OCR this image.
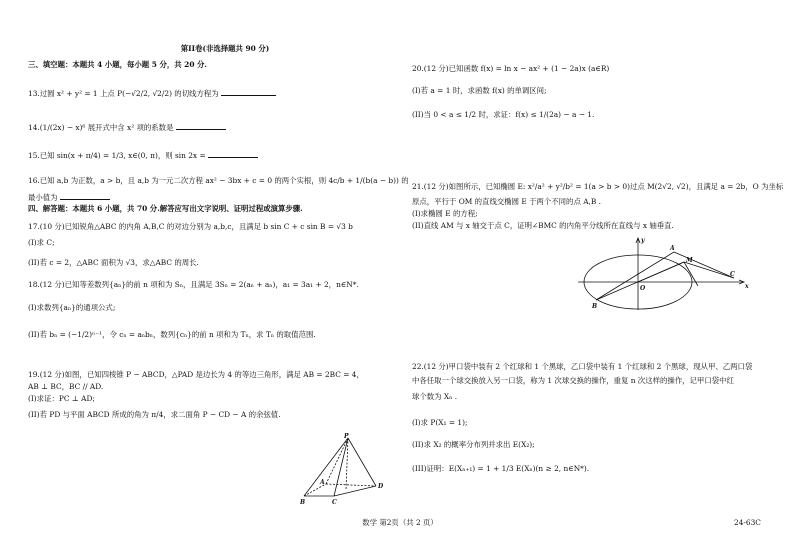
第II卷(非选择题共 90 分)
三、填空题：本题共 4 小题，每小题 5 分，共 20 分.
13.过圆 x² + y² = 1 上点 P(−√2/2, √2/2) 的切线方程为
14.(1/(2x) − x)⁶ 展开式中含 x² 项的系数是
15.已知 sin(x + π/4) = 1/3, x∈(0, π)，则 sin 2x =
16.已知 a,b 为正数，a > b，且 a,b 为一元二次方程 ax² − 3bx + c = 0 的两个实根，则 4c/b + 1/(b(a − b)) 的
最小值为
四、解答题：本题共 6 小题，共 70 分.解答应写出文字说明、证明过程或演算步骤.
17.(10 分)已知锐角△ABC 的内角 A,B,C 的对边分别为 a,b,c，且满足 b sin C + c sin B = √3 b
(I)求 C;
(II)若 c = 2，△ABC 面积为 √3，求△ABC 的周长.
18.(12 分)已知等差数列{aₙ}的前 n 项和为 Sₙ，且满足 3Sₙ = 2(aₙ + aₙ)，a₁ = 3a₁ + 2，n∈N*.
(I)求数列{aₙ}的通项公式;
(II)若 bₙ = (−1/2)ⁿ⁻¹，令 cₙ = aₙbₙ，数列{cₙ}的前 n 项和为 Tₙ，求 Tₙ 的取值范围.
19.(12 分)如图，已知四棱锥 P − ABCD，△PAD 是边长为 4 的等边三角形，满足 AB = 2BC = 4，
AB ⊥ BC，BC // AD.
(I)求证：PC ⊥ AD;
(II)若 PD 与平面 ABCD 所成的角为 π/4，求二面角 P − CD − A 的余弦值.
P
A
D
B	C
20.(12 分)已知函数 f(x) = ln x − ax² + (1 − 2a)x (a∈R)
(I)若 a = 1 时，求函数 f(x) 的单调区间;
(II)当 0 < a ≤ 1/2 时，求证：f(x) ≤ 1/(2a) − a − 1.
21.(12 分)如图所示，已知椭圆 E: x²/a² + y²/b² = 1(a > b > 0)过点 M(2√2, √2)，且满足 a = 2b，O 为坐标
原点，平行于 OM 的直线交椭圆 E 于两个不同的点 A,B .
(I)求椭圆 E 的方程;
(II)直线 AM 与 x 轴交于点 C，证明∠BMC 的内角平分线所在直线与 x 轴垂直.
y
A
M
O
C
x
B
22.(12 分)甲口袋中装有 2 个红球和 1 个黑球，乙口袋中装有 1 个红球和 2 个黑球，现从甲、乙两口袋
中各任取一个球交换放入另一口袋，称为 1 次球交换的操作，重复 n 次这样的操作，记甲口袋中红
球个数为 Xₙ .
(I)求 P(X₁ = 1);
(II)求 X₂ 的概率分布列并求出 E(X₂);
(III)证明：E(Xₙ₊₁) = 1 + 1/3 E(Xₙ)(n ≥ 2, n∈N*).
数学 第2页（共 2 页）	24-63C
